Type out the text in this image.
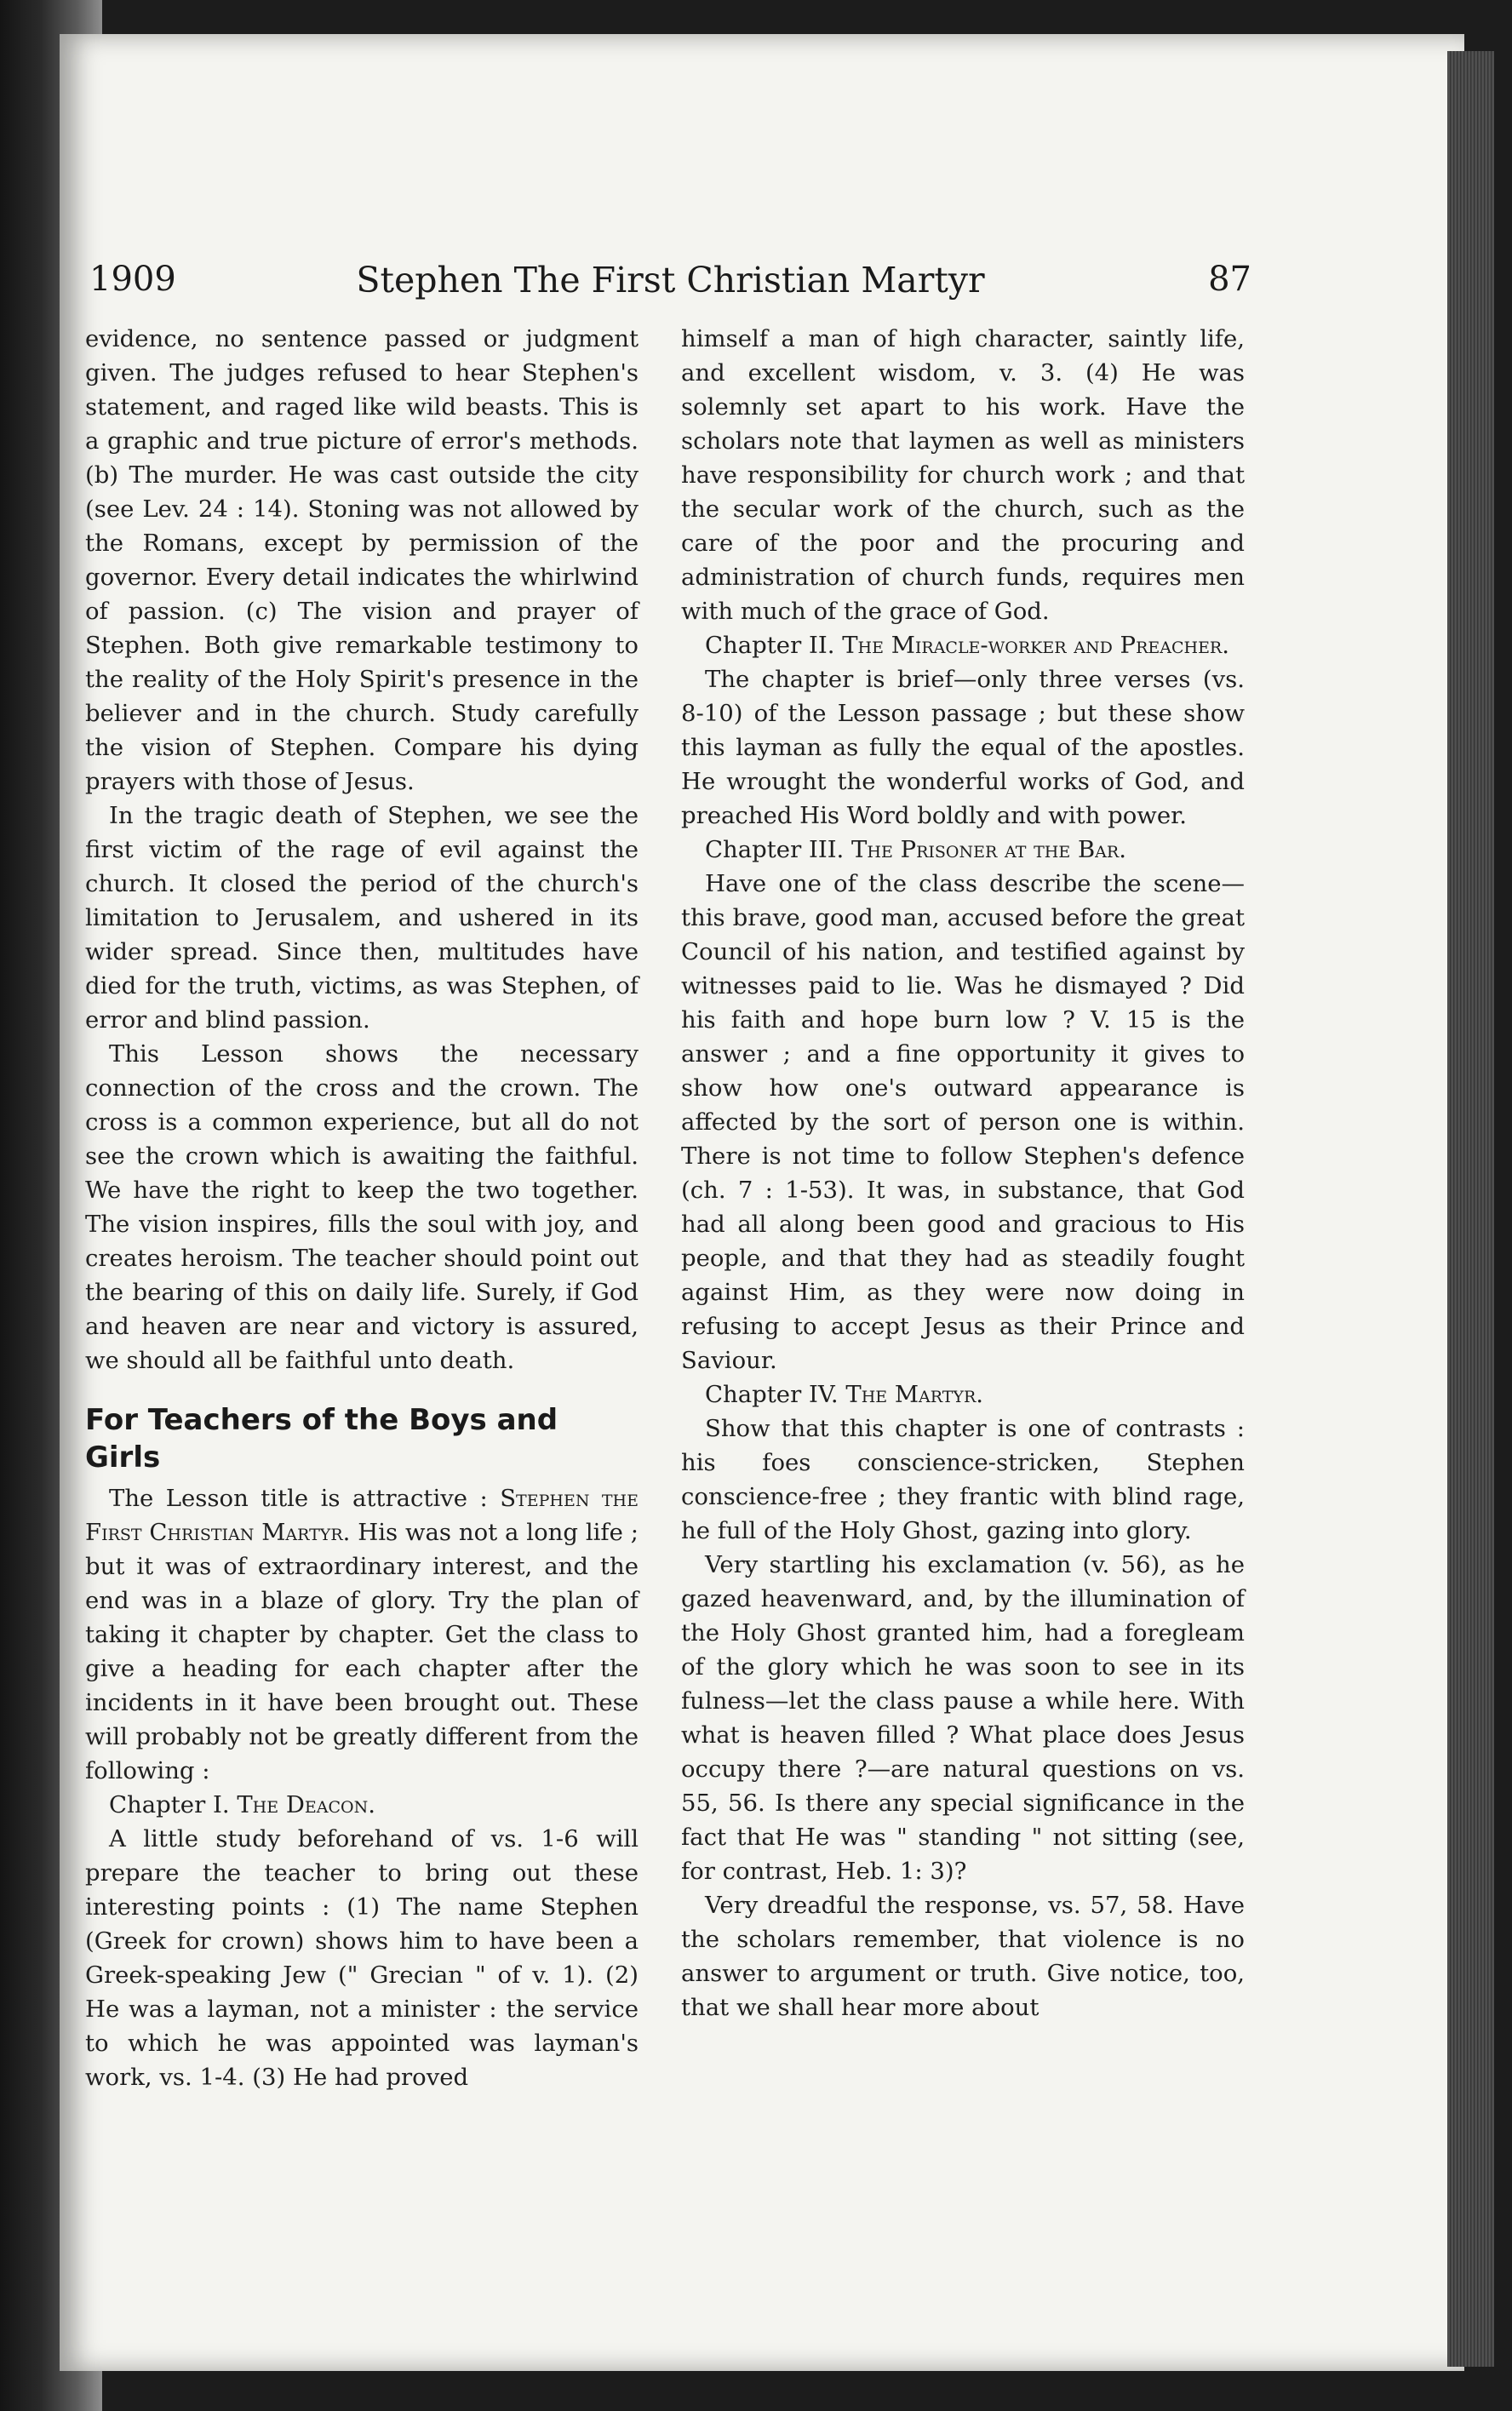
1909	Stephen The First Christian Martyr	87

evidence, no sentence passed or judgment given. The judges refused to hear Stephen's statement, and raged like wild beasts. This is a graphic and true picture of error's methods. (b) The murder. He was cast outside the city (see Lev. 24 : 14). Stoning was not allowed by the Romans, except by permission of the governor. Every detail indicates the whirlwind of passion. (c) The vision and prayer of Stephen. Both give remarkable testimony to the reality of the Holy Spirit's presence in the believer and in the church. Study carefully the vision of Stephen. Compare his dying prayers with those of Jesus.

In the tragic death of Stephen, we see the first victim of the rage of evil against the church. It closed the period of the church's limitation to Jerusalem, and ushered in its wider spread. Since then, multitudes have died for the truth, victims, as was Stephen, of error and blind passion.

This Lesson shows the necessary connection of the cross and the crown. The cross is a common experience, but all do not see the crown which is awaiting the faithful. We have the right to keep the two together. The vision inspires, fills the soul with joy, and creates heroism. The teacher should point out the bearing of this on daily life. Surely, if God and heaven are near and victory is assured, we should all be faithful unto death.

For Teachers of the Boys and Girls

The Lesson title is attractive : Stephen the First Christian Martyr. His was not a long life ; but it was of extraordinary interest, and the end was in a blaze of glory. Try the plan of taking it chapter by chapter. Get the class to give a heading for each chapter after the incidents in it have been brought out. These will probably not be greatly different from the following :

Chapter I. The Deacon.

A little study beforehand of vs. 1-6 will prepare the teacher to bring out these interesting points : (1) The name Stephen (Greek for crown) shows him to have been a Greek-speaking Jew (" Grecian " of v. 1). (2) He was a layman, not a minister : the service to which he was appointed was layman's work, vs. 1-4. (3) He had proved

himself a man of high character, saintly life, and excellent wisdom, v. 3. (4) He was solemnly set apart to his work. Have the scholars note that laymen as well as ministers have responsibility for church work ; and that the secular work of the church, such as the care of the poor and the procuring and administration of church funds, requires men with much of the grace of God.

Chapter II. The Miracle-worker and Preacher.

The chapter is brief—only three verses (vs. 8-10) of the Lesson passage ; but these show this layman as fully the equal of the apostles. He wrought the wonderful works of God, and preached His Word boldly and with power.

Chapter III. The Prisoner at the Bar.

Have one of the class describe the scene—this brave, good man, accused before the great Council of his nation, and testified against by witnesses paid to lie. Was he dismayed ? Did his faith and hope burn low ? V. 15 is the answer ; and a fine opportunity it gives to show how one's outward appearance is affected by the sort of person one is within. There is not time to follow Stephen's defence (ch. 7 : 1-53). It was, in substance, that God had all along been good and gracious to His people, and that they had as steadily fought against Him, as they were now doing in refusing to accept Jesus as their Prince and Saviour.

Chapter IV. The Martyr.

Show that this chapter is one of contrasts : his foes conscience-stricken, Stephen conscience-free ; they frantic with blind rage, he full of the Holy Ghost, gazing into glory.

Very startling his exclamation (v. 56), as he gazed heavenward, and, by the illumination of the Holy Ghost granted him, had a foregleam of the glory which he was soon to see in its fulness—let the class pause a while here. With what is heaven filled ? What place does Jesus occupy there ?—are natural questions on vs. 55, 56. Is there any special significance in the fact that He was " standing " not sitting (see, for contrast, Heb. 1: 3)?

Very dreadful the response, vs. 57, 58. Have the scholars remember, that violence is no answer to argument or truth. Give notice, too, that we shall hear more about
